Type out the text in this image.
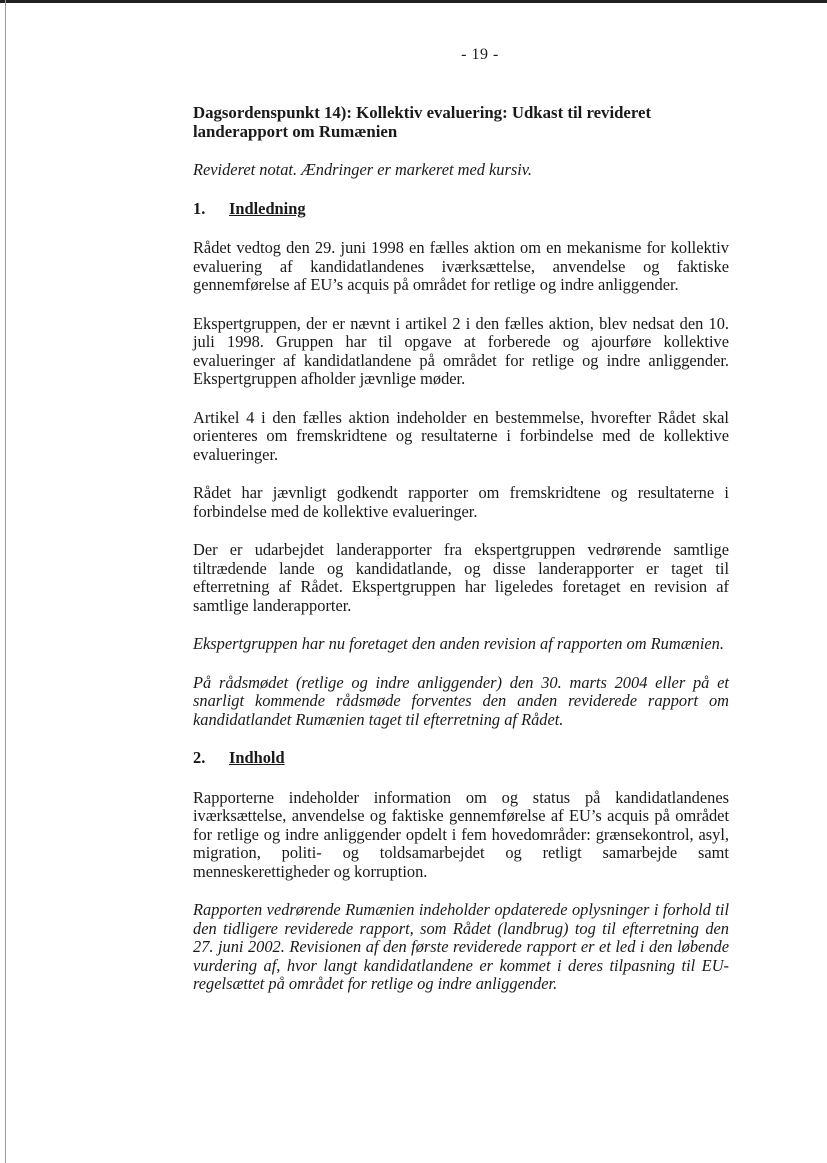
- 19 -
Dagsordenspunkt 14): Kollektiv evaluering: Udkast til revideret landerapport om Rumænien

Revideret notat. Ændringer er markeret med kursiv.

1.	Indledning

Rådet vedtog den 29. juni 1998 en fælles aktion om en mekanisme for kollektiv evaluering af kandidatlandenes iværksættelse, anvendelse og faktiske gennemførelse af EU’s acquis på området for retlige og indre anliggender.

Ekspertgruppen, der er nævnt i artikel 2 i den fælles aktion, blev nedsat den 10. juli 1998. Gruppen har til opgave at forberede og ajourføre kollektive evalueringer af kandidatlandene på området for retlige og indre anliggender. Ekspertgruppen afholder jævnlige møder.

Artikel 4 i den fælles aktion indeholder en bestemmelse, hvorefter Rådet skal orienteres om fremskridtene og resultaterne i forbindelse med de kollektive evalueringer.

Rådet har jævnligt godkendt rapporter om fremskridtene og resultaterne i forbindelse med de kollektive evalueringer.

Der er udarbejdet landerapporter fra ekspertgruppen vedrørende samtlige tiltrædende lande og kandidatlande, og disse landerapporter er taget til efterretning af Rådet. Ekspertgruppen har ligeledes foretaget en revision af samtlige landerapporter.

Ekspertgruppen har nu foretaget den anden revision af rapporten om Rumænien.

På rådsmødet (retlige og indre anliggender) den 30. marts 2004 eller på et snarligt kommende rådsmøde forventes den anden reviderede rapport om kandidatlandet Rumænien taget til efterretning af Rådet.

2.	Indhold

Rapporterne indeholder information om og status på kandidatlandenes iværksættelse, anvendelse og faktiske gennemførelse af EU’s acquis på området for retlige og indre anliggender opdelt i fem hovedområder: grænsekontrol, asyl, migration, politi- og toldsamarbejdet og retligt samarbejde samt menneskerettigheder og korruption.

Rapporten vedrørende Rumænien indeholder opdaterede oplysninger i forhold til den tidligere reviderede rapport, som Rådet (landbrug) tog til efterretning den 27. juni 2002. Revisionen af den første reviderede rapport er et led i den løbende vurdering af, hvor langt kandidatlandene er kommet i deres tilpasning til EU-regelsættet på området for retlige og indre anliggender.
